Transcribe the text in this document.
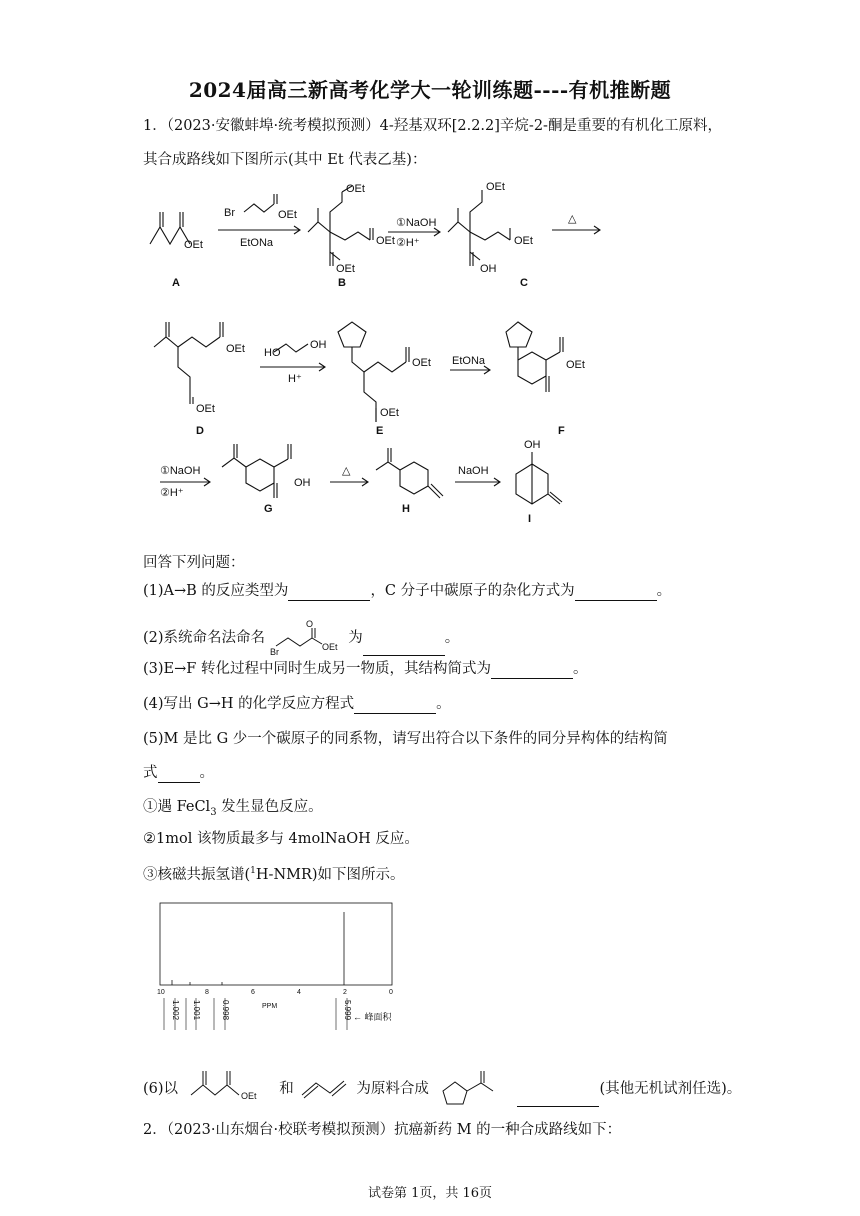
2024届高三新高考化学大一轮训练题----有机推断题
1．（2023·安徽蚌埠·统考模拟预测）4-羟基双环[2.2.2]辛烷-2-酮是重要的有机化工原料，
其合成路线如下图所示(其中 Et 代表乙基)：
OEt
Br	OEt
EtONa
OEt
OEt
OEt
①NaOH
②H⁺
OEt
OEt
OH
△
OEt
OEt
HO
OH
H⁺
OEt
OEt
EtONa	OEt
①NaOH
②H⁺
OH
△	NaOH
OH
A	B	C
D	E	F
G	H
I
回答下列问题：
(1)A→B 的反应类型为	，C 分子中碳原子的杂化方式为	。
(2)系统命名法命名
O
Br	OEt
为	。
(3)E→F 转化过程中同时生成另一物质，其结构简式为	。
(4)写出 G→H 的化学反应方程式	。
(5)M 是比 G 少一个碳原子的同系物，请写出符合以下条件的同分异构体的结构简
式	。
①遇 FeCl$_3$ 发生显色反应。
②1mol 该物质最多与 4molNaOH 反应。
③核磁共振氢谱($^1$H-NMR)如下图所示。
10	8	6	4	2	0
PPM
1.002 1.001	0.998	5.999 ← 峰面积
(6)以	OEt 和	为原料合成	(其他无机试剂任选)。
2．（2023·山东烟台·校联考模拟预测）抗癌新药 M 的一种合成路线如下：
试卷第 1页，共 16页
